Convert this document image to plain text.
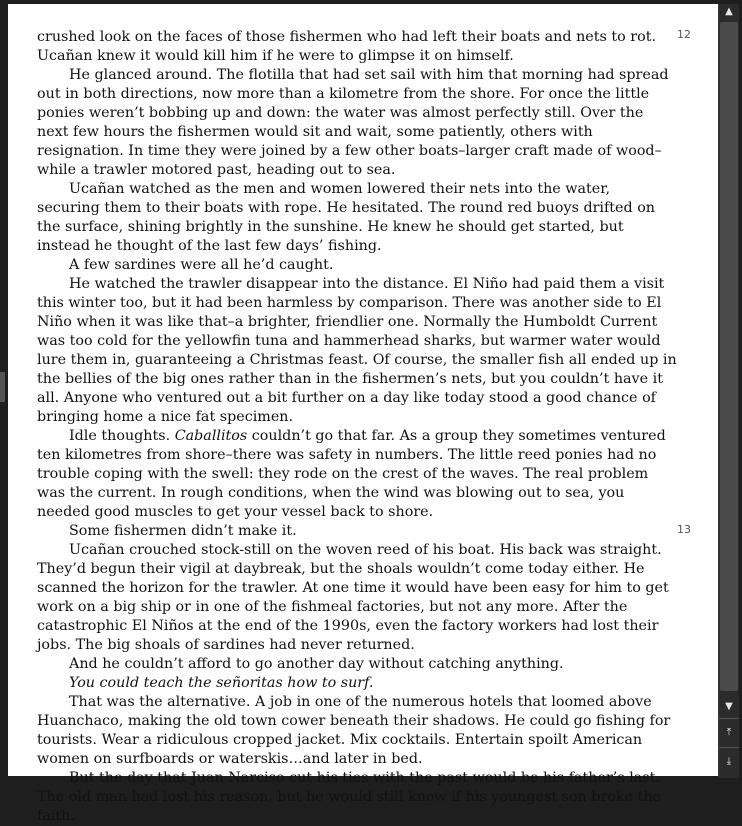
12
13

crushed look on the faces of those fishermen who had left their boats and nets to rot. Ucañan knew it would kill him if he were to glimpse it on himself.

He glanced around. The flotilla that had set sail with him that morning had spread out in both directions, now more than a kilometre from the shore. For once the little ponies weren’t bobbing up and down: the water was almost perfectly still. Over the next few hours the fishermen would sit and wait, some patiently, others with resignation. In time they were joined by a few other boats–larger craft made of wood–while a trawler motored past, heading out to sea.

Ucañan watched as the men and women lowered their nets into the water, securing them to their boats with rope. He hesitated. The round red buoys drifted on the surface, shining brightly in the sunshine. He knew he should get started, but instead he thought of the last few days’ fishing.

A few sardines were all he’d caught.

He watched the trawler disappear into the distance. El Niño had paid them a visit this winter too, but it had been harmless by comparison. There was another side to El Niño when it was like that–a brighter, friendlier one. Normally the Humboldt Current was too cold for the yellowfin tuna and hammerhead sharks, but warmer water would lure them in, guaranteeing a Christmas feast. Of course, the smaller fish all ended up in the bellies of the big ones rather than in the fishermen’s nets, but you couldn’t have it all. Anyone who ventured out a bit further on a day like today stood a good chance of bringing home a nice fat specimen.

Idle thoughts. Caballitos couldn’t go that far. As a group they sometimes ventured ten kilometres from shore–there was safety in numbers. The little reed ponies had no trouble coping with the swell: they rode on the crest of the waves. The real problem was the current. In rough conditions, when the wind was blowing out to sea, you needed good muscles to get your vessel back to shore.

Some fishermen didn’t make it.

Ucañan crouched stock-still on the woven reed of his boat. His back was straight. They’d begun their vigil at daybreak, but the shoals wouldn’t come today either. He scanned the horizon for the trawler. At one time it would have been easy for him to get work on a big ship or in one of the fishmeal factories, but not any more. After the catastrophic El Niños at the end of the 1990s, even the factory workers had lost their jobs. The big shoals of sardines had never returned.

And he couldn’t afford to go another day without catching anything.

You could teach the señoritas how to surf.

That was the alternative. A job in one of the numerous hotels that loomed above Huanchaco, making the old town cower beneath their shadows. He could go fishing for tourists. Wear a ridiculous cropped jacket. Mix cocktails. Entertain spoilt American women on surfboards or waterskis…and later in bed.

But the day that Juan Narciso cut his ties with the past would be his father’s last. The old man had lost his reason, but he would still know if his youngest son broke the faith.

▲
▼
⤒
⤓
